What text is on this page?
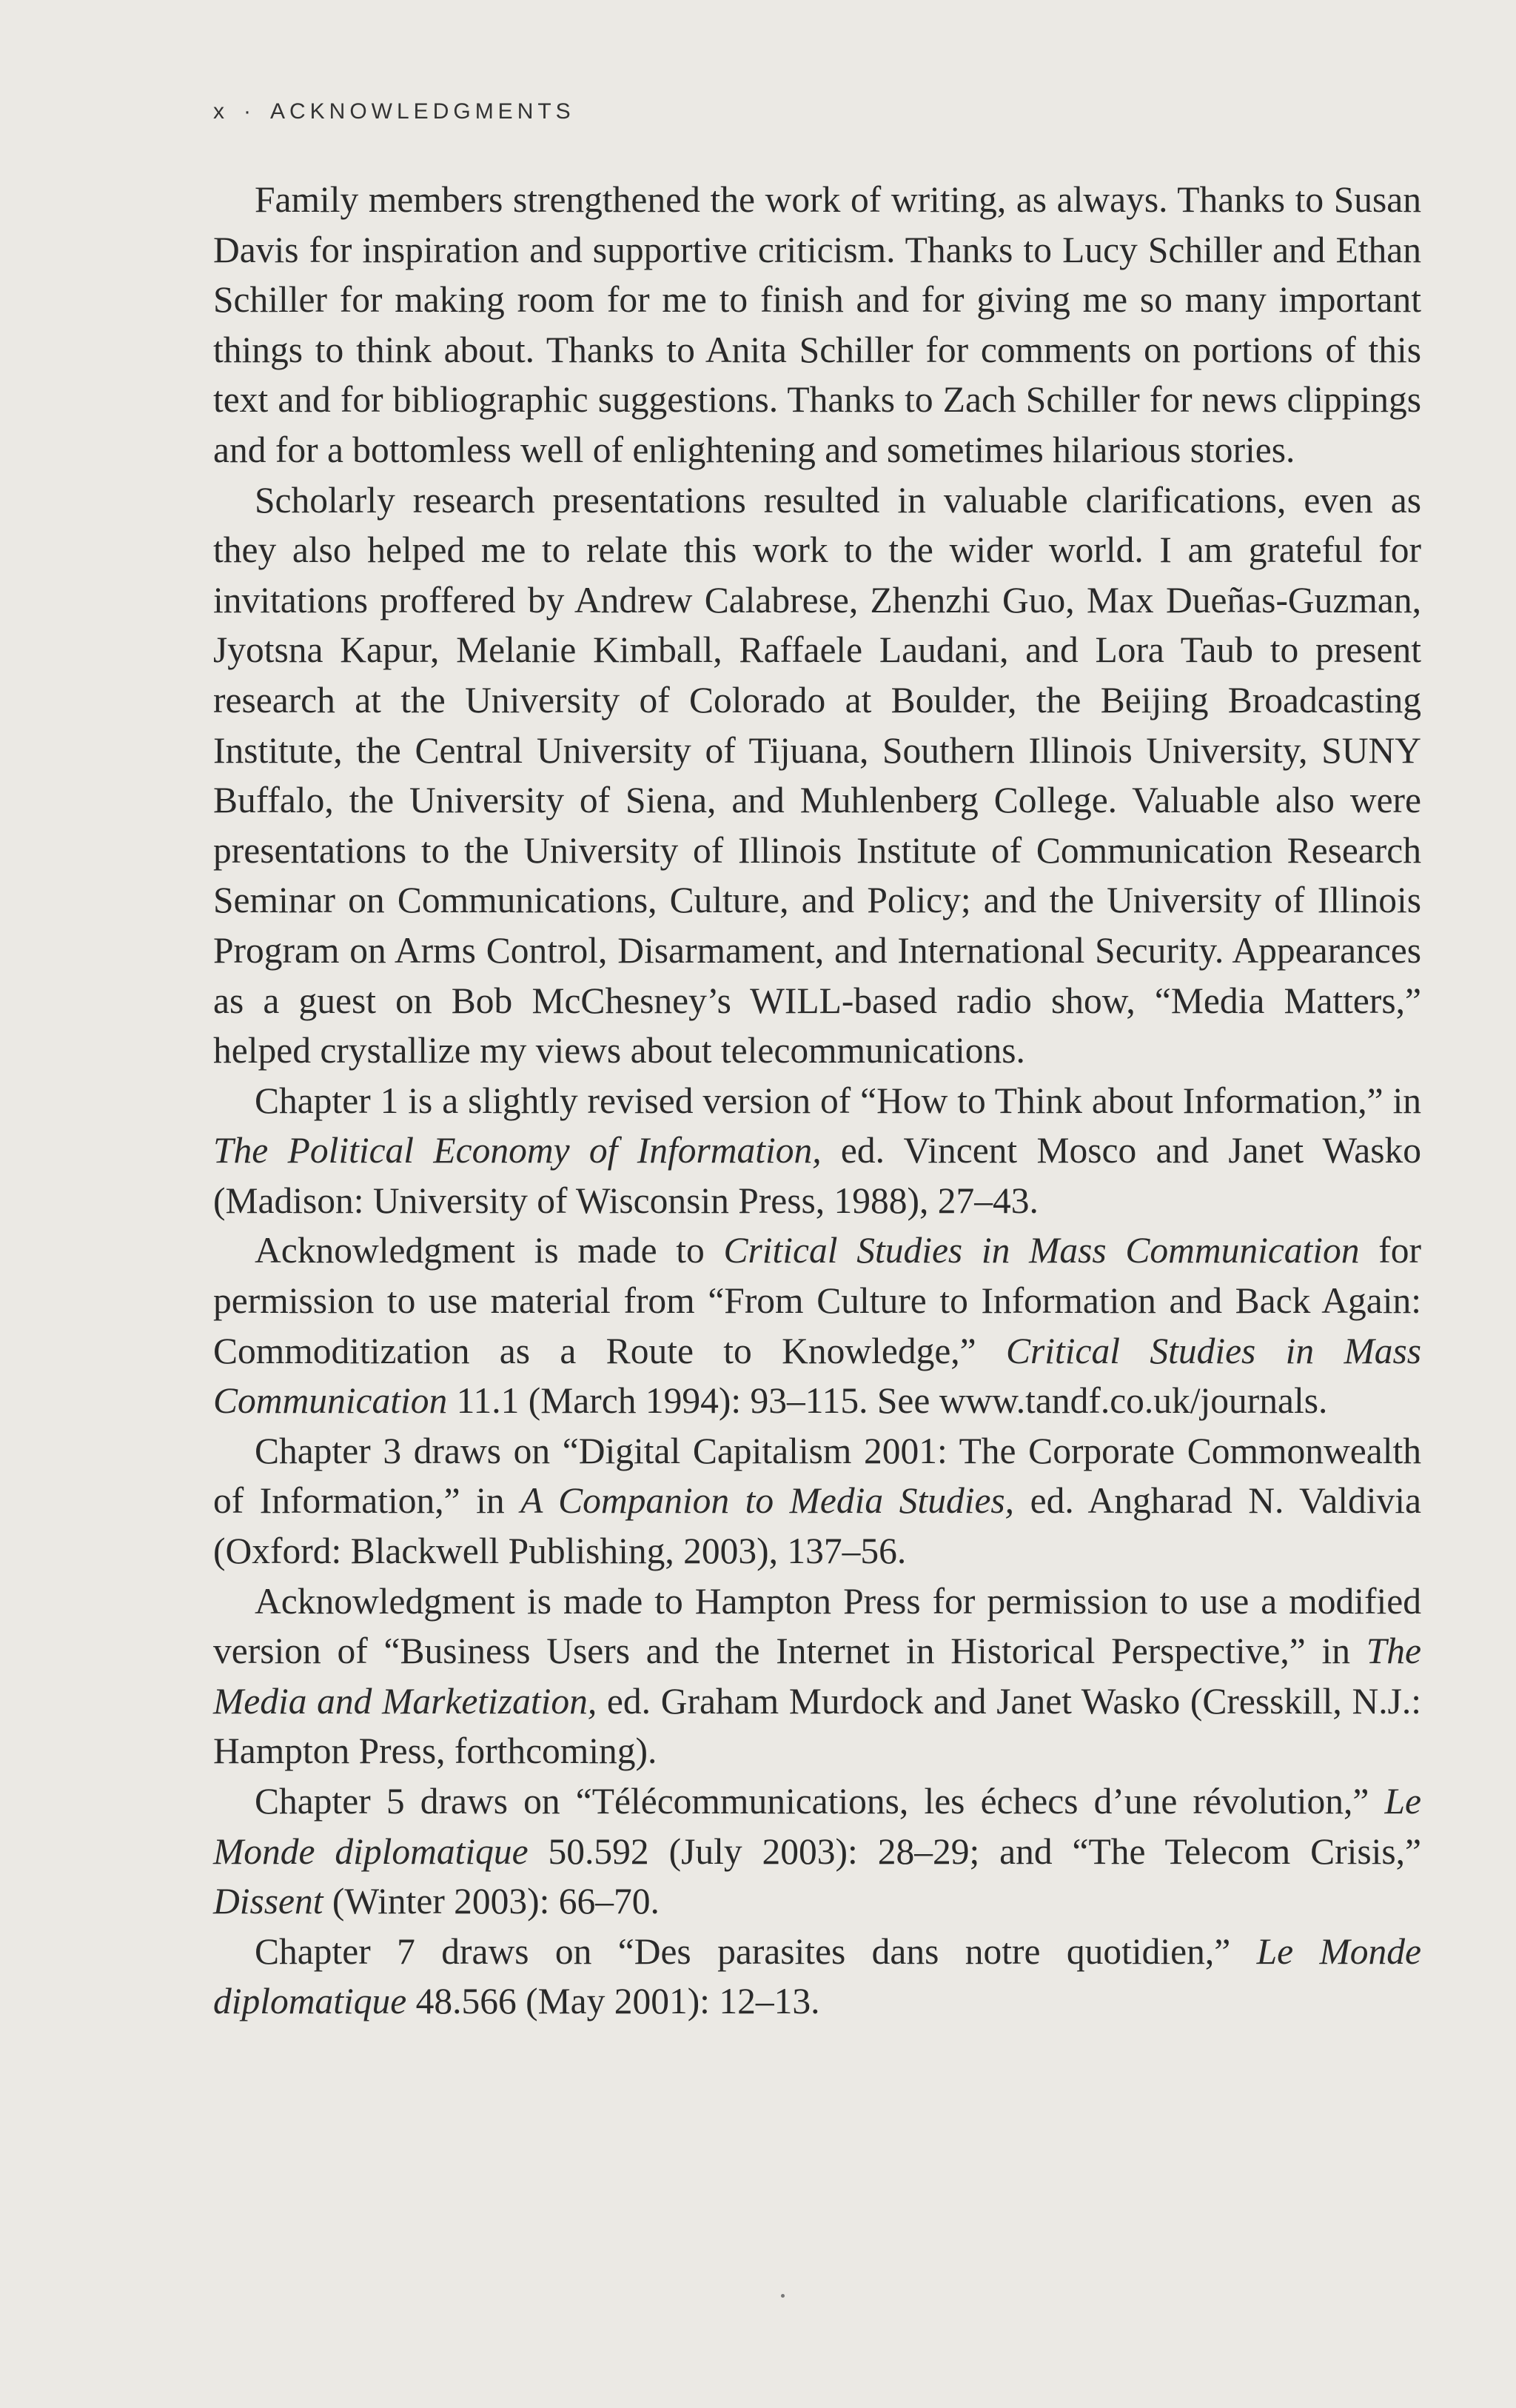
x · ACKNOWLEDGMENTS

Family members strengthened the work of writing, as always. Thanks to Susan Davis for inspiration and supportive criticism. Thanks to Lucy Schiller and Ethan Schiller for making room for me to finish and for giving me so many important things to think about. Thanks to Anita Schiller for comments on portions of this text and for bibliographic suggestions. Thanks to Zach Schiller for news clippings and for a bottomless well of enlightening and sometimes hilarious stories.

Scholarly research presentations resulted in valuable clarifications, even as they also helped me to relate this work to the wider world. I am grateful for invitations proffered by Andrew Calabrese, Zhenzhi Guo, Max Dueñas-Guzman, Jyotsna Kapur, Melanie Kimball, Raffaele Laudani, and Lora Taub to present research at the University of Colorado at Boulder, the Beijing Broadcasting Institute, the Central University of Tijuana, Southern Illinois University, SUNY Buffalo, the University of Siena, and Muhlenberg College. Valuable also were presentations to the University of Illinois Institute of Communication Research Seminar on Communications, Culture, and Policy; and the University of Illinois Program on Arms Control, Disarmament, and International Security. Appearances as a guest on Bob McChesney’s WILL-based radio show, “Media Matters,” helped crystallize my views about telecommunications.

Chapter 1 is a slightly revised version of “How to Think about Information,” in The Political Economy of Information, ed. Vincent Mosco and Janet Wasko (Madison: University of Wisconsin Press, 1988), 27–43.

Acknowledgment is made to Critical Studies in Mass Communication for permission to use material from “From Culture to Information and Back Again: Commoditization as a Route to Knowledge,” Critical Studies in Mass Communication 11.1 (March 1994): 93–115. See www.tandf.co.uk/journals.

Chapter 3 draws on “Digital Capitalism 2001: The Corporate Commonwealth of Information,” in A Companion to Media Studies, ed. Angharad N. Valdivia (Oxford: Blackwell Publishing, 2003), 137–56.

Acknowledgment is made to Hampton Press for permission to use a modified version of “Business Users and the Internet in Historical Perspective,” in The Media and Marketization, ed. Graham Murdock and Janet Wasko (Cresskill, N.J.: Hampton Press, forthcoming).

Chapter 5 draws on “Télécommunications, les échecs d’une révolution,” Le Monde diplomatique 50.592 (July 2003): 28–29; and “The Telecom Crisis,” Dissent (Winter 2003): 66–70.

Chapter 7 draws on “Des parasites dans notre quotidien,” Le Monde diplomatique 48.566 (May 2001): 12–13.
